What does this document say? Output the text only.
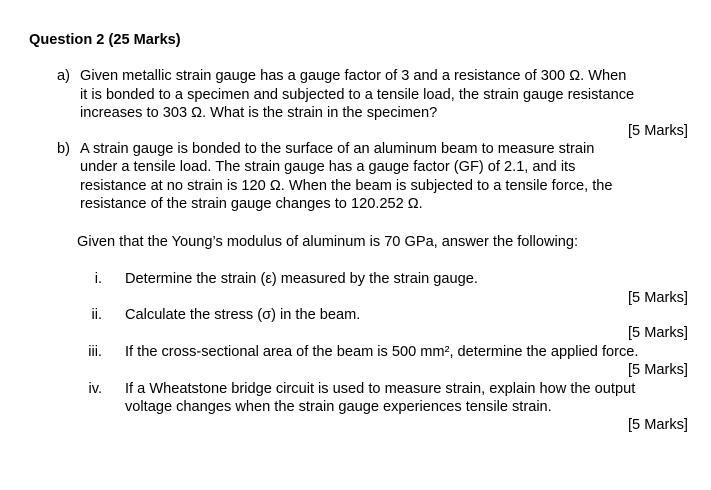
Question 2 (25 Marks)
a) Given metallic strain gauge has a gauge factor of 3 and a resistance of 300 Ω. When
it is bonded to a specimen and subjected to a tensile load, the strain gauge resistance
increases to 303 Ω. What is the strain in the specimen?
[5 Marks]
b) A strain gauge is bonded to the surface of an aluminum beam to measure strain
under a tensile load. The strain gauge has a gauge factor (GF) of 2.1, and its
resistance at no strain is 120 Ω. When the beam is subjected to a tensile force, the
resistance of the strain gauge changes to 120.252 Ω.
Given that the Young’s modulus of aluminum is 70 GPa, answer the following:
i. Determine the strain (ε) measured by the strain gauge.
[5 Marks]
ii. Calculate the stress (σ) in the beam.
[5 Marks]
iii. If the cross-sectional area of the beam is 500 mm², determine the applied force.
[5 Marks]
iv. If a Wheatstone bridge circuit is used to measure strain, explain how the output
voltage changes when the strain gauge experiences tensile strain.
[5 Marks]
